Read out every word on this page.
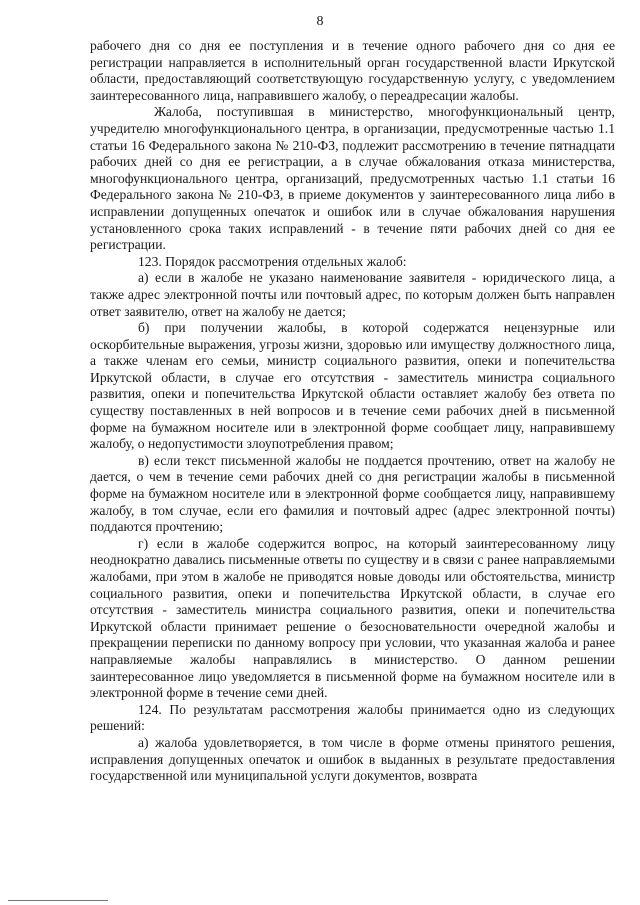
8

рабочего дня со дня ее поступления и в течение одного рабочего дня со дня ее регистрации направляется в исполнительный орган государственной власти Иркутской области, предоставляющий соответствующую государственную услугу, с уведомлением заинтересованного лица, направившего жалобу, о переадресации жалобы.

Жалоба, поступившая в министерство, многофункциональный центр, учредителю многофункционального центра, в организации, предусмотренные частью 1.1 статьи 16 Федерального закона № 210-ФЗ, подлежит рассмотрению в течение пятнадцати рабочих дней со дня ее регистрации, а в случае обжалования отказа министерства, многофункционального центра, организаций, предусмотренных частью 1.1 статьи 16 Федерального закона № 210-ФЗ, в приеме документов у заинтересованного лица либо в исправлении допущенных опечаток и ошибок или в случае обжалования нарушения установленного срока таких исправлений - в течение пяти рабочих дней со дня ее регистрации.

123. Порядок рассмотрения отдельных жалоб:

а) если в жалобе не указано наименование заявителя - юридического лица, а также адрес электронной почты или почтовый адрес, по которым должен быть направлен ответ заявителю, ответ на жалобу не дается;

б) при получении жалобы, в которой содержатся нецензурные или оскорбительные выражения, угрозы жизни, здоровью или имуществу должностного лица, а также членам его семьи, министр социального развития, опеки и попечительства Иркутской области, в случае его отсутствия - заместитель министра социального развития, опеки и попечительства Иркутской области оставляет жалобу без ответа по существу поставленных в ней вопросов и в течение семи рабочих дней в письменной форме на бумажном носителе или в электронной форме сообщает лицу, направившему жалобу, о недопустимости злоупотребления правом;

в) если текст письменной жалобы не поддается прочтению, ответ на жалобу не дается, о чем в течение семи рабочих дней со дня регистрации жалобы в письменной форме на бумажном носителе или в электронной форме сообщается лицу, направившему жалобу, в том случае, если его фамилия и почтовый адрес (адрес электронной почты) поддаются прочтению;

г) если в жалобе содержится вопрос, на который заинтересованному лицу неоднократно давались письменные ответы по существу и в связи с ранее направляемыми жалобами, при этом в жалобе не приводятся новые доводы или обстоятельства, министр социального развития, опеки и попечительства Иркутской области, в случае его отсутствия - заместитель министра социального развития, опеки и попечительства Иркутской области принимает решение о безосновательности очередной жалобы и прекращении переписки по данному вопросу при условии, что указанная жалоба и ранее направляемые жалобы направлялись в министерство. О данном решении заинтересованное лицо уведомляется в письменной форме на бумажном носителе или в электронной форме в течение семи дней.

124. По результатам рассмотрения жалобы принимается одно из следующих решений:

а) жалоба удовлетворяется, в том числе в форме отмены принятого решения, исправления допущенных опечаток и ошибок в выданных в результате предоставления государственной или муниципальной услуги документов, возврата
